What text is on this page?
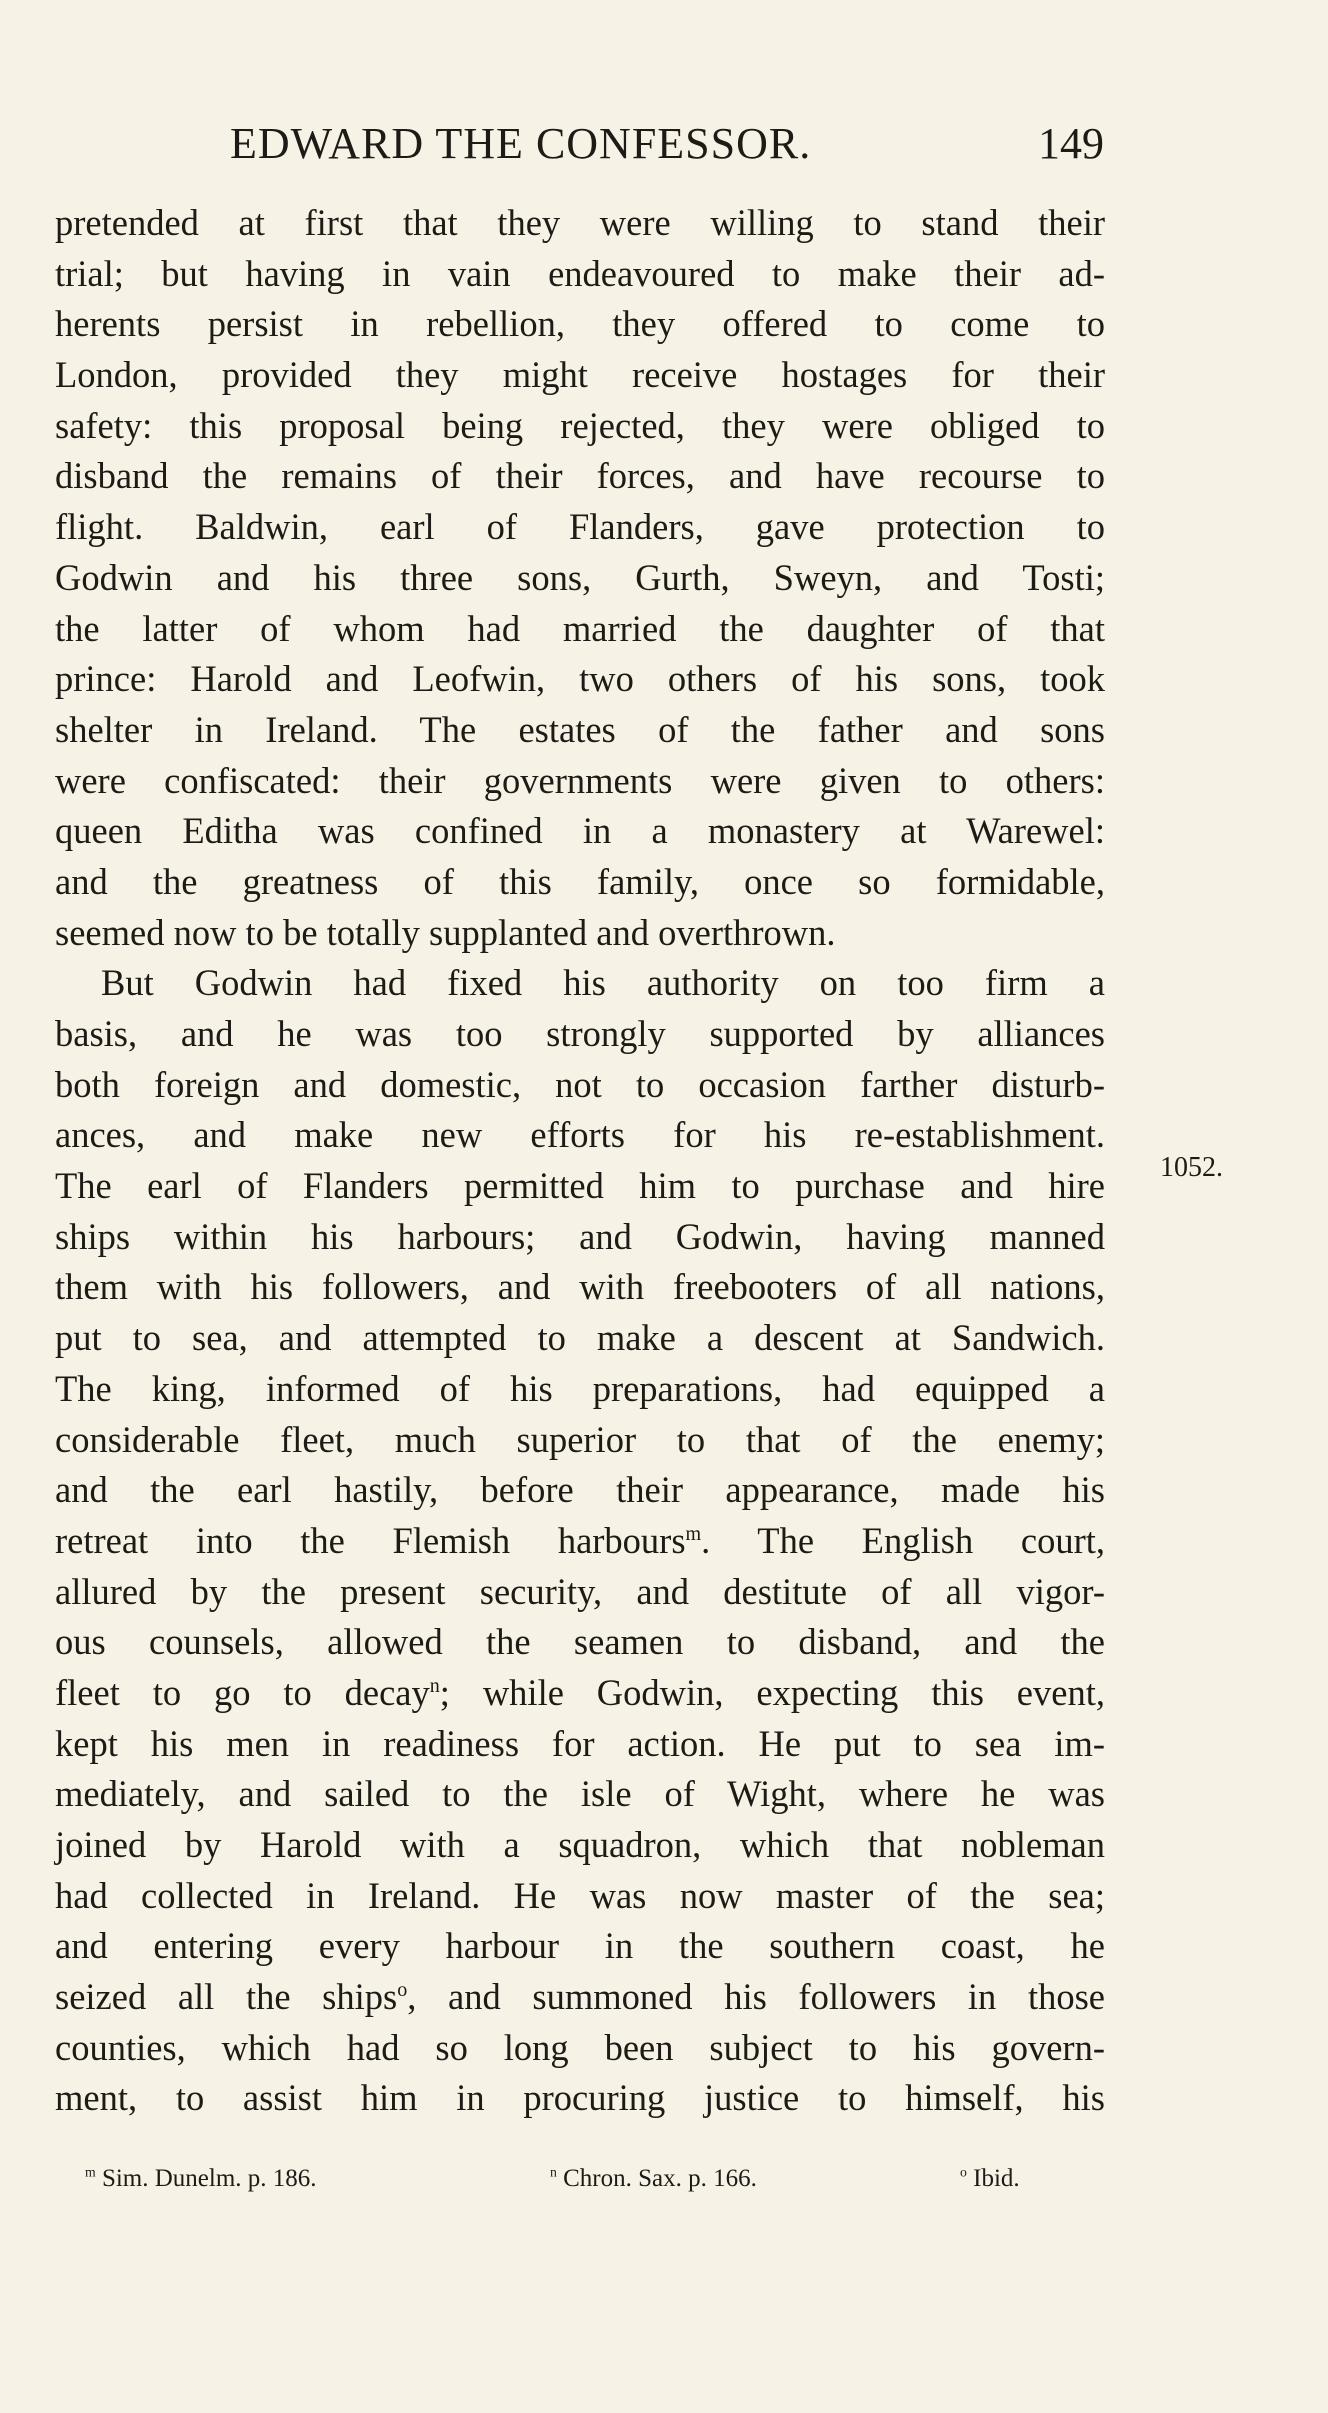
EDWARD THE CONFESSOR.	149
pretended at first that they were willing to stand their
trial; but having in vain endeavoured to make their ad-
herents persist in rebellion, they offered to come to
London, provided they might receive hostages for their
safety: this proposal being rejected, they were obliged to
disband the remains of their forces, and have recourse to
flight. Baldwin, earl of Flanders, gave protection to
Godwin and his three sons, Gurth, Sweyn, and Tosti;
the latter of whom had married the daughter of that
prince: Harold and Leofwin, two others of his sons, took
shelter in Ireland. The estates of the father and sons
were confiscated: their governments were given to others:
queen Editha was confined in a monastery at Warewel:
and the greatness of this family, once so formidable,
seemed now to be totally supplanted and overthrown.
But Godwin had fixed his authority on too firm a
basis, and he was too strongly supported by alliances
both foreign and domestic, not to occasion farther disturb-
ances, and make new efforts for his re-establishment.
The earl of Flanders permitted him to purchase and hire
ships within his harbours; and Godwin, having manned
them with his followers, and with freebooters of all nations,
put to sea, and attempted to make a descent at Sandwich.
The king, informed of his preparations, had equipped a
considerable fleet, much superior to that of the enemy;
and the earl hastily, before their appearance, made his
retreat into the Flemish harbours$^m$. The English court,
allured by the present security, and destitute of all vigor-
ous counsels, allowed the seamen to disband, and the
fleet to go to decay$^n$; while Godwin, expecting this event,
kept his men in readiness for action. He put to sea im-
mediately, and sailed to the isle of Wight, where he was
joined by Harold with a squadron, which that nobleman
had collected in Ireland. He was now master of the sea;
and entering every harbour in the southern coast, he
seized all the ships$^o$, and summoned his followers in those
counties, which had so long been subject to his govern-
ment, to assist him in procuring justice to himself, his
1052.
$^m$ Sim. Dunelm. p. 186.	$^n$ Chron. Sax. p. 166.	$^o$ Ibid.
